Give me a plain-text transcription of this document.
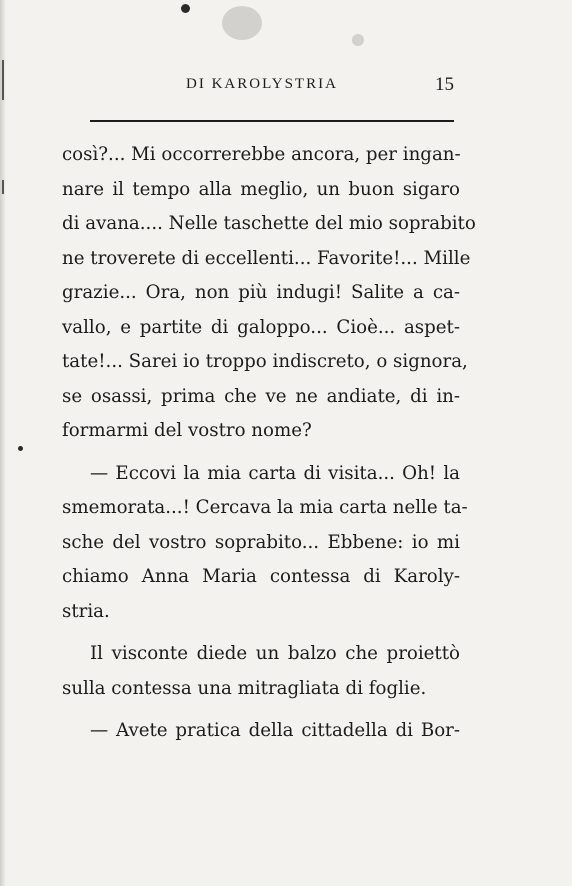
DI KAROLYSTRIA	15
così?... Mi occorrerebbe ancora, per ingan-
nare il tempo alla meglio, un buon sigaro
di avana.... Nelle taschette del mio soprabito
ne troverete di eccellenti... Favorite!... Mille
grazie... Ora, non più indugi! Salite a ca-
vallo, e partite di galoppo... Cioè... aspet-
tate!... Sarei io troppo indiscreto, o signora,
se osassi, prima che ve ne andiate, di in-
formarmi del vostro nome?
— Eccovi la mia carta di visita... Oh! la
smemorata...! Cercava la mia carta nelle ta-
sche del vostro soprabito... Ebbene: io mi
chiamo Anna Maria contessa di Karoly-
stria.
Il visconte diede un balzo che proiettò
sulla contessa una mitragliata di foglie.
— Avete pratica della cittadella di Bor-
